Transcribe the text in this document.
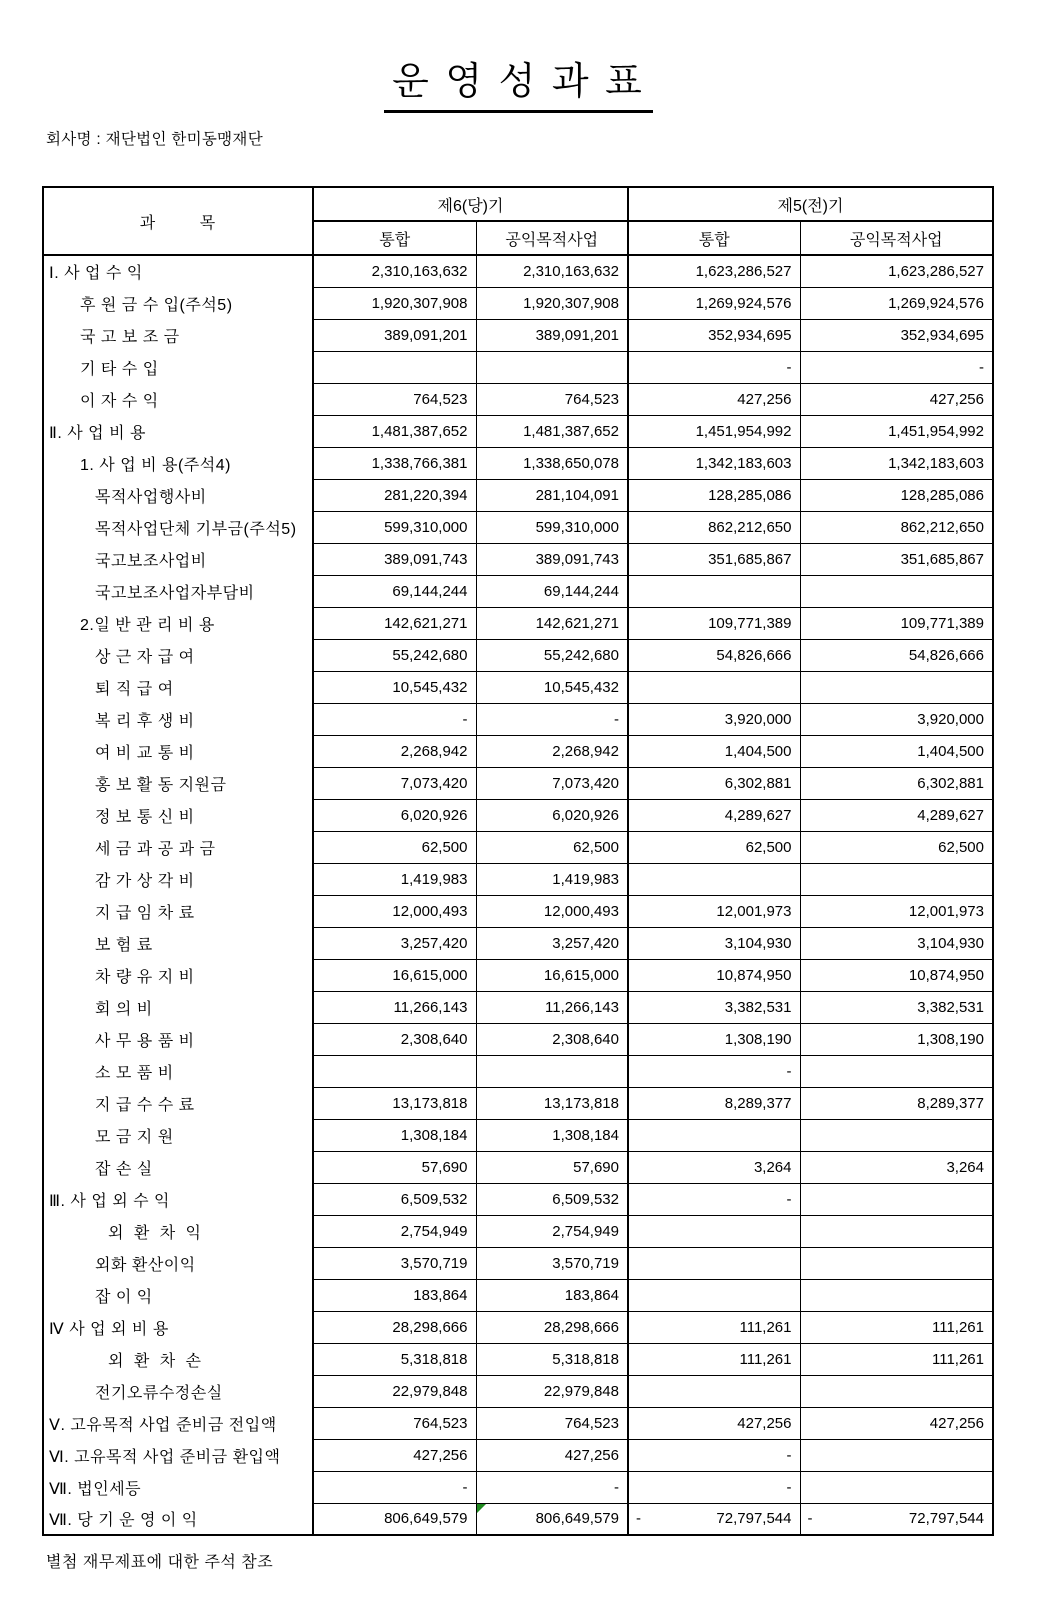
운 영 성 과 표
회사명 : 재단법인 한미동맹재단
과        목	제6(당)기		제5(전)기	
	통합	공익목적사업	통합	공익목적사업
Ⅰ. 사 업 수 익	2,310,163,632	2,310,163,632	1,623,286,527	1,623,286,527
후 원 금 수 입(주석5)	1,920,307,908	1,920,307,908	1,269,924,576	1,269,924,576
국 고 보 조 금	389,091,201	389,091,201	352,934,695	352,934,695
기 타 수 입			-	-
이 자 수 익	764,523	764,523	427,256	427,256
Ⅱ. 사 업 비 용	1,481,387,652	1,481,387,652	1,451,954,992	1,451,954,992
1. 사 업 비 용(주석4)	1,338,766,381	1,338,650,078	1,342,183,603	1,342,183,603
목적사업행사비	281,220,394	281,104,091	128,285,086	128,285,086
목적사업단체 기부금(주석5)	599,310,000	599,310,000	862,212,650	862,212,650
국고보조사업비	389,091,743	389,091,743	351,685,867	351,685,867
국고보조사업자부담비	69,144,244	69,144,244		
2.일 반 관 리 비 용	142,621,271	142,621,271	109,771,389	109,771,389
상 근 자 급 여	55,242,680	55,242,680	54,826,666	54,826,666
퇴 직 급 여	10,545,432	10,545,432		
복 리 후 생 비	-	-	3,920,000	3,920,000
여 비 교 통 비	2,268,942	2,268,942	1,404,500	1,404,500
홍 보 활 동 지원금	7,073,420	7,073,420	6,302,881	6,302,881
정 보 통 신 비	6,020,926	6,020,926	4,289,627	4,289,627
세 금 과 공 과 금	62,500	62,500	62,500	62,500
감 가 상 각 비	1,419,983	1,419,983		
지 급 임 차 료	12,000,493	12,000,493	12,001,973	12,001,973
보 험 료	3,257,420	3,257,420	3,104,930	3,104,930
차 량 유 지 비	16,615,000	16,615,000	10,874,950	10,874,950
회 의 비	11,266,143	11,266,143	3,382,531	3,382,531
사 무 용 품 비	2,308,640	2,308,640	1,308,190	1,308,190
소 모 품 비			-	
지 급 수 수 료	13,173,818	13,173,818	8,289,377	8,289,377
모 금 지 원	1,308,184	1,308,184		
잡 손 실	57,690	57,690	3,264	3,264
Ⅲ. 사 업 외 수 익	6,509,532	6,509,532	-	
외  환  차  익	2,754,949	2,754,949		
외화 환산이익	3,570,719	3,570,719		
잡 이 익	183,864	183,864		
Ⅳ 사 업 외 비 용	28,298,666	28,298,666	111,261	111,261
외  환  차  손	5,318,818	5,318,818	111,261	111,261
전기오류수정손실	22,979,848	22,979,848		
Ⅴ. 고유목적 사업 준비금 전입액	764,523	764,523	427,256	427,256
Ⅵ. 고유목적 사업 준비금 환입액	427,256	427,256	-	
Ⅶ. 법인세등	-	-	-	
Ⅶ. 당 기 운 영 이 익	806,649,579	806,649,579	- 72,797,544	- 72,797,544
별첨 재무제표에 대한 주석 참조
